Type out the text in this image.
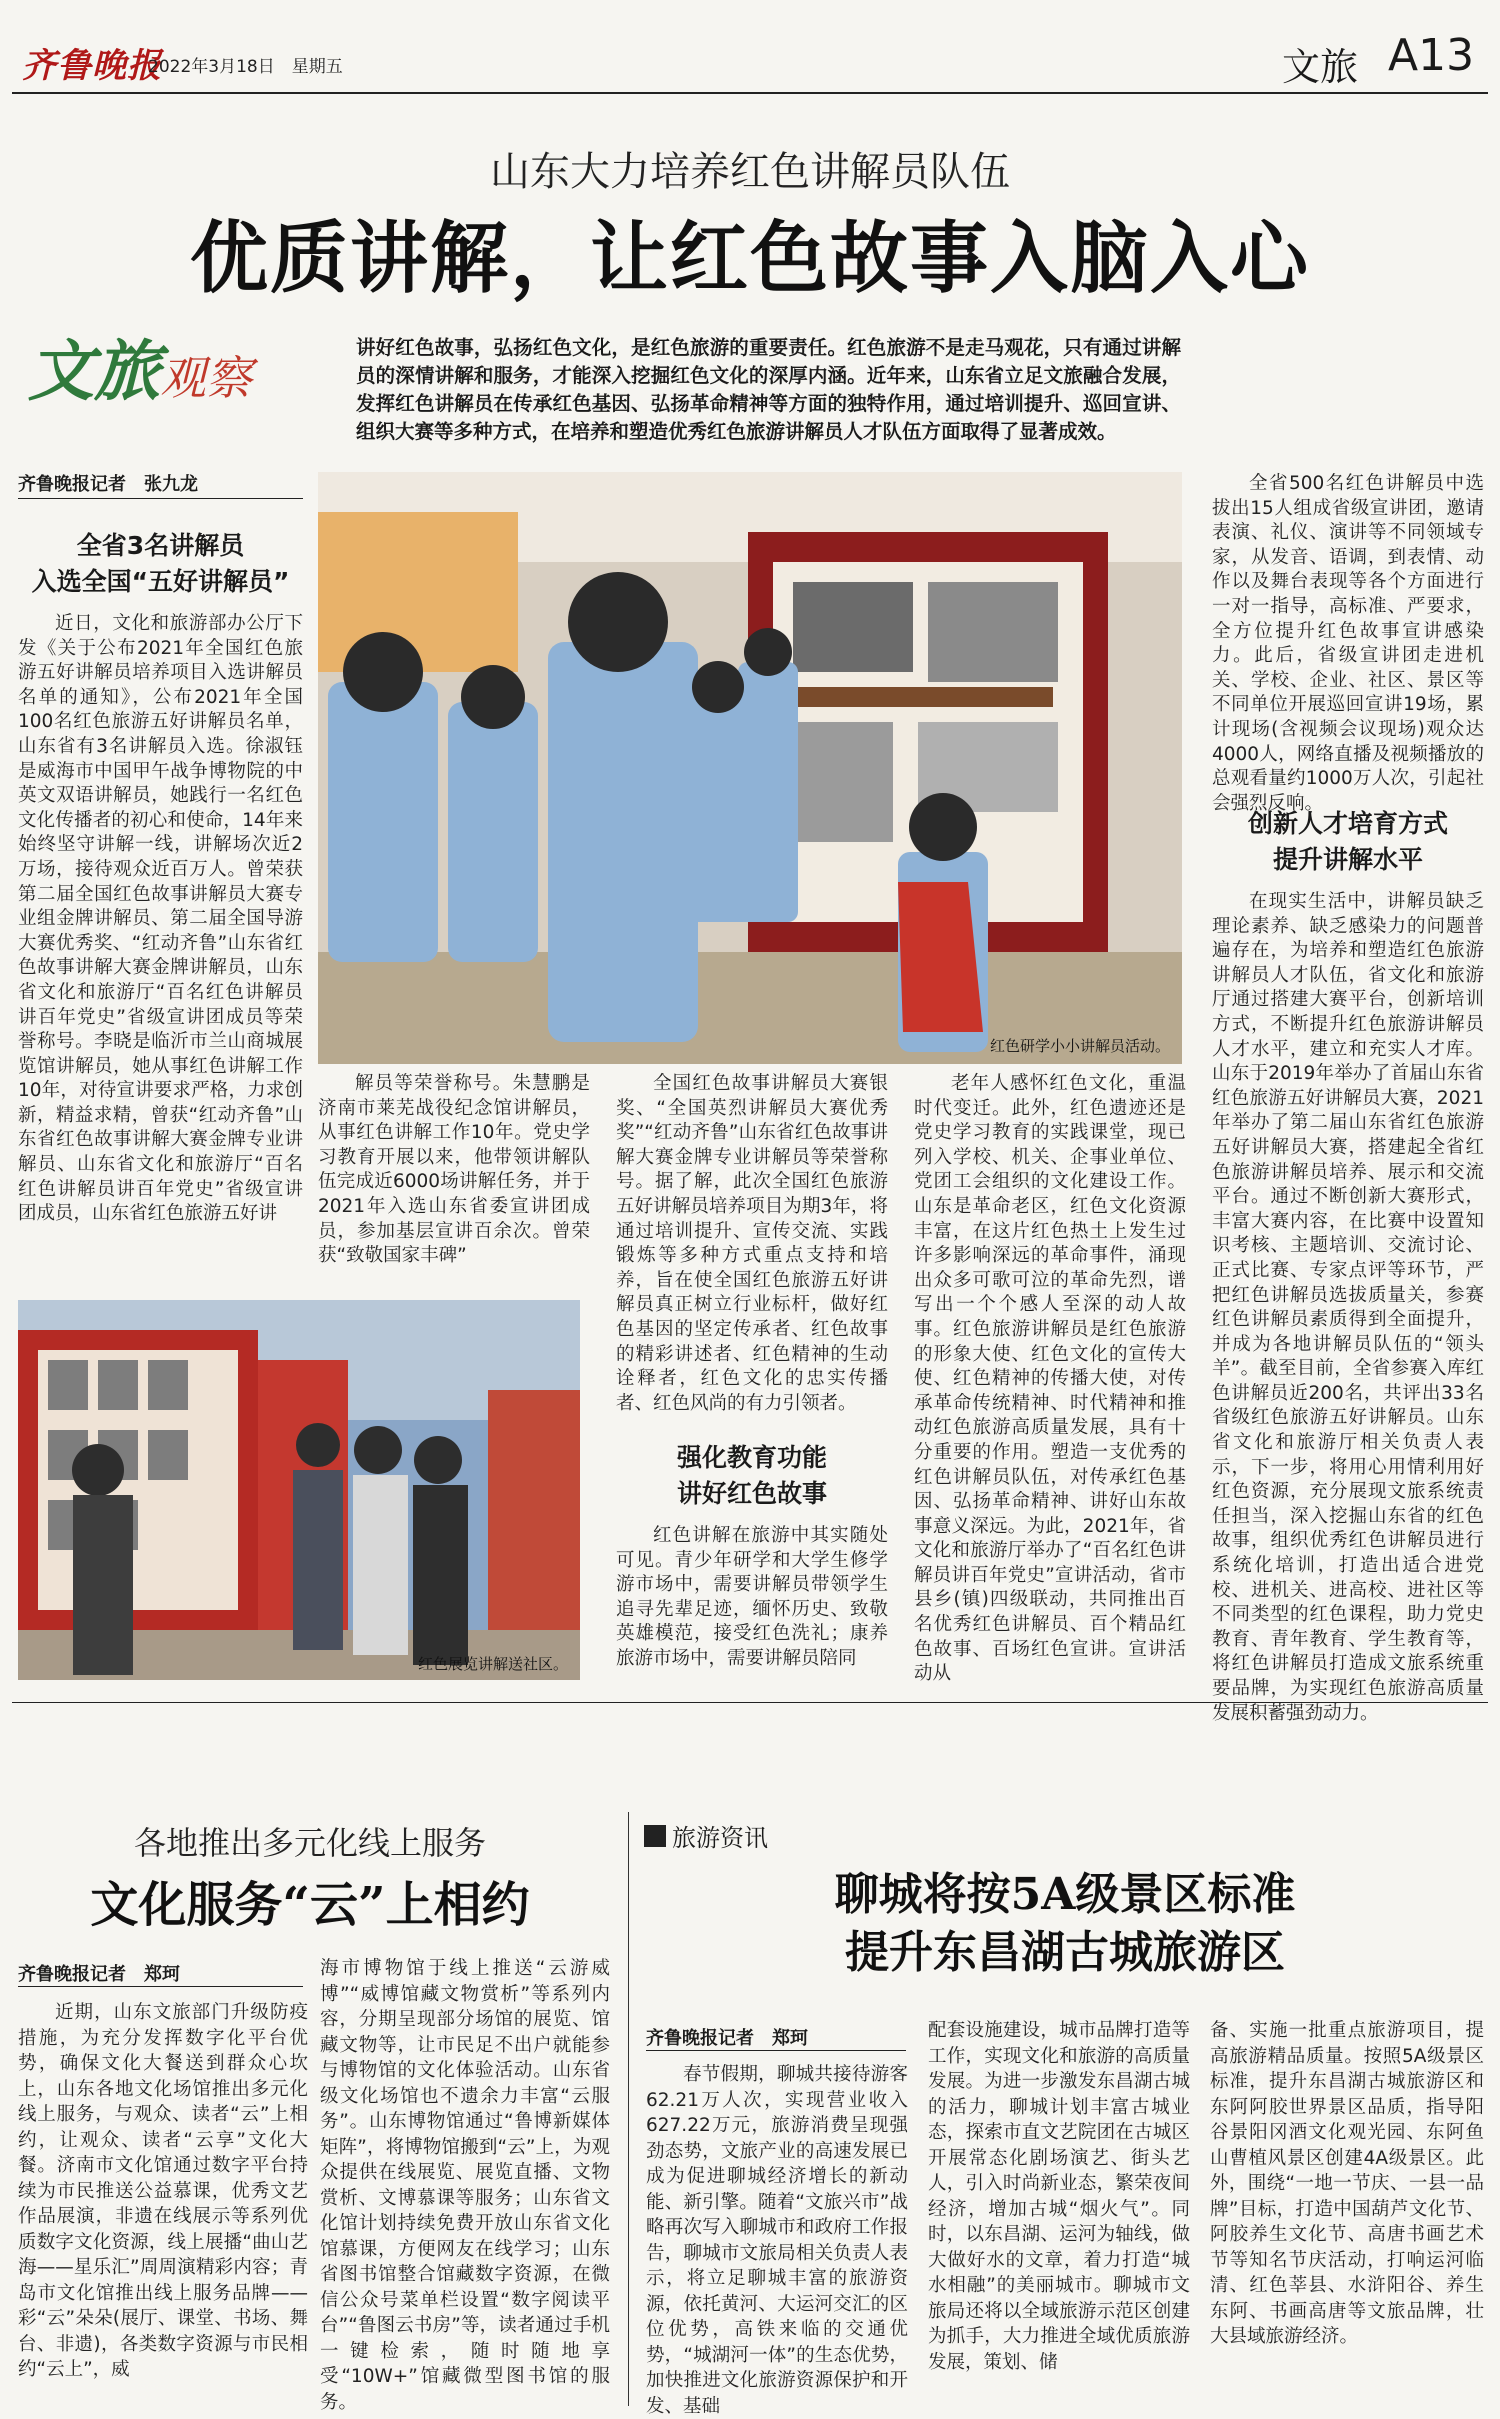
齐鲁晚报
2022年3月18日　 星期五	文旅 A13
山东大力培养红色讲解员队伍
优质讲解，让红色故事入脑入心
文旅观察
讲好红色故事，弘扬红色文化，是红色旅游的重要责任。红色旅游不是走马观花，只有通过讲解员的深情讲解和服务，才能深入挖掘红色文化的深厚内涵。近年来，山东省立足文旅融合发展，发挥红色讲解员在传承红色基因、弘扬革命精神等方面的独特作用，通过培训提升、巡回宣讲、组织大赛等多种方式，在培养和塑造优秀红色旅游讲解员人才队伍方面取得了显著成效。
齐鲁晚报记者　张九龙
全省3名讲解员
入选全国“五好讲解员”
近日，文化和旅游部办公厅下发《关于公布2021年全国红色旅游五好讲解员培养项目入选讲解员名单的通知》，公布2021年全国100名红色旅游五好讲解员名单，山东省有3名讲解员入选。徐淑钰是威海市中国甲午战争博物院的中英文双语讲解员，她践行一名红色文化传播者的初心和使命，14年来始终坚守讲解一线，讲解场次近2万场，接待观众近百万人。曾荣获第二届全国红色故事讲解员大赛专业组金牌讲解员、第二届全国导游大赛优秀奖、“红动齐鲁”山东省红色故事讲解大赛金牌讲解员，山东省文化和旅游厅“百名红色讲解员讲百年党史”省级宣讲团成员等荣誉称号。李晓是临沂市兰山商城展览馆讲解员，她从事红色讲解工作10年，对待宣讲要求严格，力求创新，精益求精，曾获“红动齐鲁”山东省红色故事讲解大赛金牌专业讲解员、山东省文化和旅游厅“百名红色讲解员讲百年党史”省级宣讲团成员，山东省红色旅游五好讲
红色研学小小讲解员活动。
红色展览讲解送社区。
解员等荣誉称号。朱慧鹏是济南市莱芜战役纪念馆讲解员，从事红色讲解工作10年。党史学习教育开展以来，他带领讲解队伍完成近6000场讲解任务，并于2021年入选山东省委宣讲团成员，参加基层宣讲百余次。曾荣获“致敬国家丰碑”
全国红色故事讲解员大赛银奖、“全国英烈讲解员大赛优秀奖”“红动齐鲁”山东省红色故事讲解大赛金牌专业讲解员等荣誉称号。据了解，此次全国红色旅游五好讲解员培养项目为期3年，将通过培训提升、宣传交流、实践锻炼等多种方式重点支持和培养，旨在使全国红色旅游五好讲解员真正树立行业标杆，做好红色基因的坚定传承者、红色故事的精彩讲述者、红色精神的生动诠释者，红色文化的忠实传播者、红色风尚的有力引领者。
强化教育功能
讲好红色故事
红色讲解在旅游中其实随处可见。青少年研学和大学生修学游市场中，需要讲解员带领学生追寻先辈足迹，缅怀历史、致敬英雄模范，接受红色洗礼；康养旅游市场中，需要讲解员陪同
老年人感怀红色文化，重温时代变迁。此外，红色遗迹还是党史学习教育的实践课堂，现已列入学校、机关、企事业单位、党团工会组织的文化建设工作。山东是革命老区，红色文化资源丰富，在这片红色热土上发生过许多影响深远的革命事件，涌现出众多可歌可泣的革命先烈，谱写出一个个感人至深的动人故事。红色旅游讲解员是红色旅游的形象大使、红色文化的宣传大使、红色精神的传播大使，对传承革命传统精神、时代精神和推动红色旅游高质量发展，具有十分重要的作用。塑造一支优秀的红色讲解员队伍，对传承红色基因、弘扬革命精神、讲好山东故事意义深远。为此，2021年，省文化和旅游厅举办了“百名红色讲解员讲百年党史”宣讲活动，省市县乡(镇)四级联动，共同推出百名优秀红色讲解员、百个精品红色故事、百场红色宣讲。宣讲活动从
全省500名红色讲解员中选拔出15人组成省级宣讲团，邀请表演、礼仪、演讲等不同领域专家，从发音、语调，到表情、动作以及舞台表现等各个方面进行一对一指导，高标准、严要求，全方位提升红色故事宣讲感染力。此后，省级宣讲团走进机关、学校、企业、社区、景区等不同单位开展巡回宣讲19场，累计现场(含视频会议现场)观众达4000人，网络直播及视频播放的总观看量约1000万人次，引起社会强烈反响。
创新人才培育方式
提升讲解水平
在现实生活中，讲解员缺乏理论素养、缺乏感染力的问题普遍存在，为培养和塑造红色旅游讲解员人才队伍，省文化和旅游厅通过搭建大赛平台，创新培训方式，不断提升红色旅游讲解员人才水平，建立和充实人才库。山东于2019年举办了首届山东省红色旅游五好讲解员大赛，2021年举办了第二届山东省红色旅游五好讲解员大赛，搭建起全省红色旅游讲解员培养、展示和交流平台。通过不断创新大赛形式，丰富大赛内容，在比赛中设置知识考核、主题培训、交流讨论、正式比赛、专家点评等环节，严把红色讲解员选拔质量关，参赛红色讲解员素质得到全面提升，并成为各地讲解员队伍的“领头羊”。截至目前，全省参赛入库红色讲解员近200名，共评出33名省级红色旅游五好讲解员。山东省文化和旅游厅相关负责人表示，下一步，将用心用情利用好红色资源，充分展现文旅系统责任担当，深入挖掘山东省的红色故事，组织优秀红色讲解员进行系统化培训，打造出适合进党校、进机关、进高校、进社区等不同类型的红色课程，助力党史教育、青年教育、学生教育等，将红色讲解员打造成文旅系统重要品牌，为实现红色旅游高质量发展积蓄强劲动力。
各地推出多元化线上服务
文化服务“云”上相约
齐鲁晚报记者　郑珂
近期，山东文旅部门升级防疫措施，为充分发挥数字化平台优势，确保文化大餐送到群众心坎上，山东各地文化场馆推出多元化线上服务，与观众、读者“云”上相约，让观众、读者“云享”文化大餐。济南市文化馆通过数字平台持续为市民推送公益慕课，优秀文艺作品展演，非遗在线展示等系列优质数字文化资源，线上展播“曲山艺海——星乐汇”周周演精彩内容；青岛市文化馆推出线上服务品牌——彩“云”朵朵(展厅、课堂、书场、舞台、非遗)，各类数字资源与市民相约“云上”，威
海市博物馆于线上推送“云游威博”“威博馆藏文物赏析”等系列内容，分期呈现部分场馆的展览、馆藏文物等，让市民足不出户就能参与博物馆的文化体验活动。山东省级文化场馆也不遗余力丰富“云服务”。山东博物馆通过“鲁博新媒体矩阵”，将博物馆搬到“云”上，为观众提供在线展览、展览直播、文物赏析、文博慕课等服务；山东省文化馆计划持续免费开放山东省文化馆慕课，方便网友在线学习；山东省图书馆整合馆藏数字资源，在微信公众号菜单栏设置“数字阅读平台”“鲁图云书房”等，读者通过手机一键检索，随时随地享受“10W+”馆藏微型图书馆的服务。
旅游资讯
聊城将按5A级景区标准
提升东昌湖古城旅游区
齐鲁晚报记者　郑珂
春节假期，聊城共接待游客62.21万人次，实现营业收入627.22万元，旅游消费呈现强劲态势，文旅产业的高速发展已成为促进聊城经济增长的新动能、新引擎。随着“文旅兴市”战略再次写入聊城市和政府工作报告，聊城市文旅局相关负责人表示，将立足聊城丰富的旅游资源，依托黄河、大运河交汇的区位优势，高铁来临的交通优势，“城湖河一体”的生态优势，加快推进文化旅游资源保护和开发、基础
配套设施建设，城市品牌打造等工作，实现文化和旅游的高质量发展。为进一步激发东昌湖古城的活力，聊城计划丰富古城业态，探索市直文艺院团在古城区开展常态化剧场演艺、街头艺人，引入时尚新业态，繁荣夜间经济，增加古城“烟火气”。同时，以东昌湖、运河为轴线，做大做好水的文章，着力打造“城水相融”的美丽城市。聊城市文旅局还将以全域旅游示范区创建为抓手，大力推进全域优质旅游发展，策划、储
备、实施一批重点旅游项目，提高旅游精品质量。按照5A级景区标准，提升东昌湖古城旅游区和东阿阿胶世界景区品质，指导阳谷景阳冈酒文化观光园、东阿鱼山曹植风景区创建4A级景区。此外，围绕“一地一节庆、一县一品牌”目标，打造中国葫芦文化节、阿胶养生文化节、高唐书画艺术节等知名节庆活动，打响运河临清、红色莘县、水浒阳谷、养生东阿、书画高唐等文旅品牌，壮大县域旅游经济。
